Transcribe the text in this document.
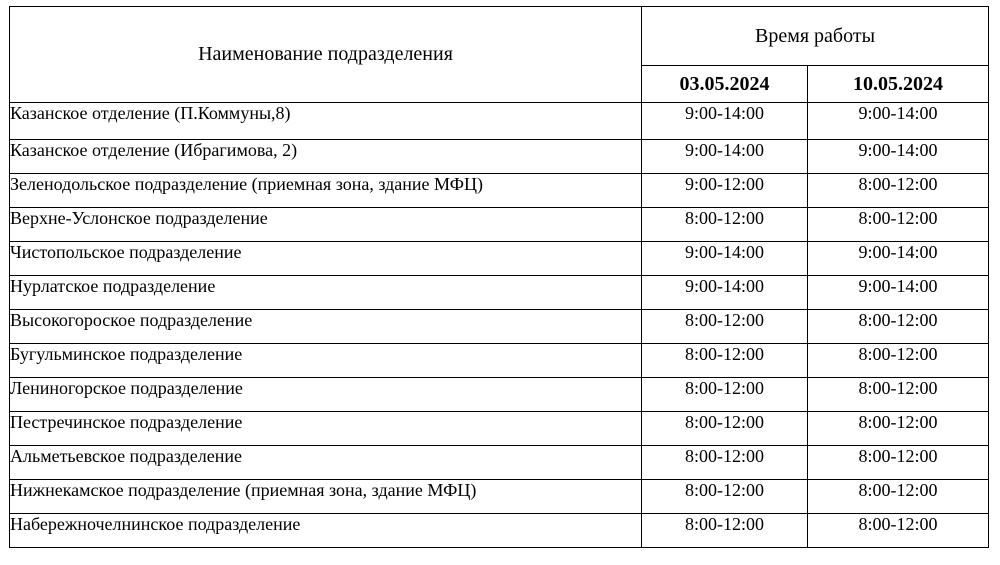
Наименование подразделения	Время работы	
	03.05.2024	10.05.2024
Казанское отделение (П.Коммуны,8)	9:00-14:00	9:00-14:00
Казанское отделение (Ибрагимова, 2)	9:00-14:00	9:00-14:00
Зеленодольское подразделение (приемная зона, здание МФЦ)	9:00-12:00	8:00-12:00
Верхне-Услонское подразделение	8:00-12:00	8:00-12:00
Чистопольское подразделение	9:00-14:00	9:00-14:00
Нурлатское подразделение	9:00-14:00	9:00-14:00
Высокогороское подразделение	8:00-12:00	8:00-12:00
Бугульминское подразделение	8:00-12:00	8:00-12:00
Лениногорское подразделение	8:00-12:00	8:00-12:00
Пестречинское подразделение	8:00-12:00	8:00-12:00
Альметьевское подразделение	8:00-12:00	8:00-12:00
Нижнекамское подразделение (приемная зона, здание МФЦ)	8:00-12:00	8:00-12:00
Набережночелнинское подразделение	8:00-12:00	8:00-12:00
